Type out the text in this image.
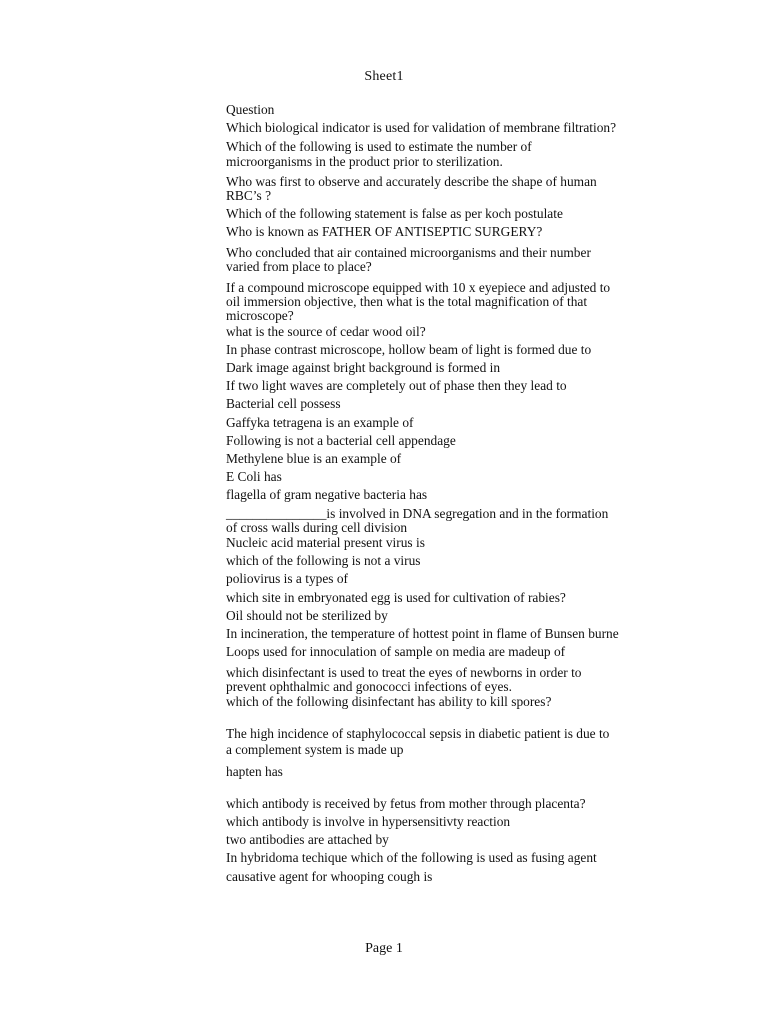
Sheet1
Question
Which biological indicator is used for validation of membrane filtration?
Which of the following is used to estimate the number of
microorganisms in the product prior to sterilization.
Who was first to observe and accurately describe the shape of human
RBC’s ?
Which of the following statement is false as per koch postulate
Who is known as FATHER OF ANTISEPTIC SURGERY?
Who concluded that air contained microorganisms and their number
varied from place to place?
If a compound microscope equipped with 10 x eyepiece and adjusted to
oil immersion objective, then what is the total magnification of that
microscope?
what is the source of cedar wood oil?
In phase contrast microscope, hollow beam of light is formed due to
Dark image against bright background is formed in
If two light waves are completely out of phase then they lead to
Bacterial cell possess
Gaffyka tetragena is an example of
Following is not a bacterial cell appendage
Methylene blue is an example of
E Coli has
flagella of gram negative bacteria has
_______________is involved in DNA segregation and in the formation
of cross walls during cell division
Nucleic acid material present virus is
which of the following is not a virus
poliovirus is a types of
which site in embryonated egg is used for cultivation of rabies?
Oil should not be sterilized by
In incineration, the temperature of hottest point in flame of Bunsen burne
Loops used for innoculation of sample on media are madeup of
which disinfectant is used to treat the eyes of newborns in order to
prevent ophthalmic and gonococci infections of eyes.
which of the following disinfectant has ability to kill spores?
The high incidence of staphylococcal sepsis in diabetic patient is due to
a complement system is made up
hapten has
which antibody is received by fetus from mother through placenta?
which antibody is involve in hypersensitivty reaction
two antibodies are attached by
In hybridoma techique which of the following is used as fusing agent
causative agent for whooping cough is
Page 1
